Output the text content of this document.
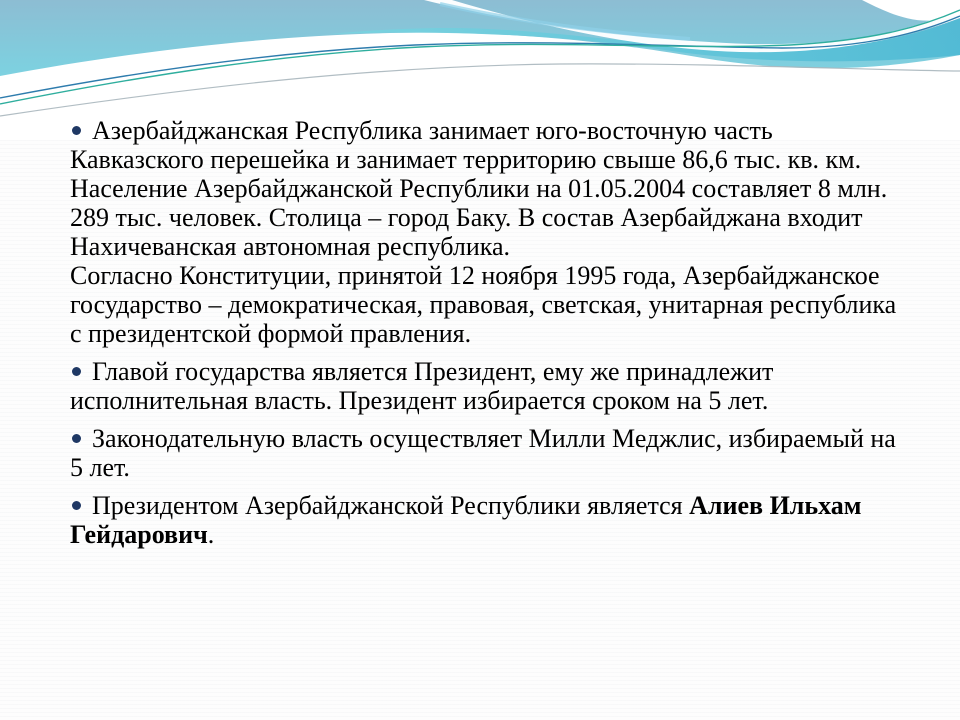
Азербайджанская Республика занимает юго-восточную часть Кавказского перешейка и занимает территорию свыше 86,6 тыс. кв. км. Население Азербайджанской Республики на 01.05.2004 составляет 8 млн. 289 тыс. человек. Столица – город Баку. В состав Азербайджана входит Нахичеванская автономная республика.

Согласно Конституции, принятой 12 ноября 1995 года, Азербайджанское государство – демократическая, правовая, светская, унитарная республика с президентской формой правления.

Главой государства является Президент, ему же принадлежит исполнительная власть. Президент избирается сроком на 5 лет.

Законодательную власть осуществляет Милли Меджлис, избираемый на 5 лет.

Президентом Азербайджанской Республики является Алиев Ильхам Гейдарович.
